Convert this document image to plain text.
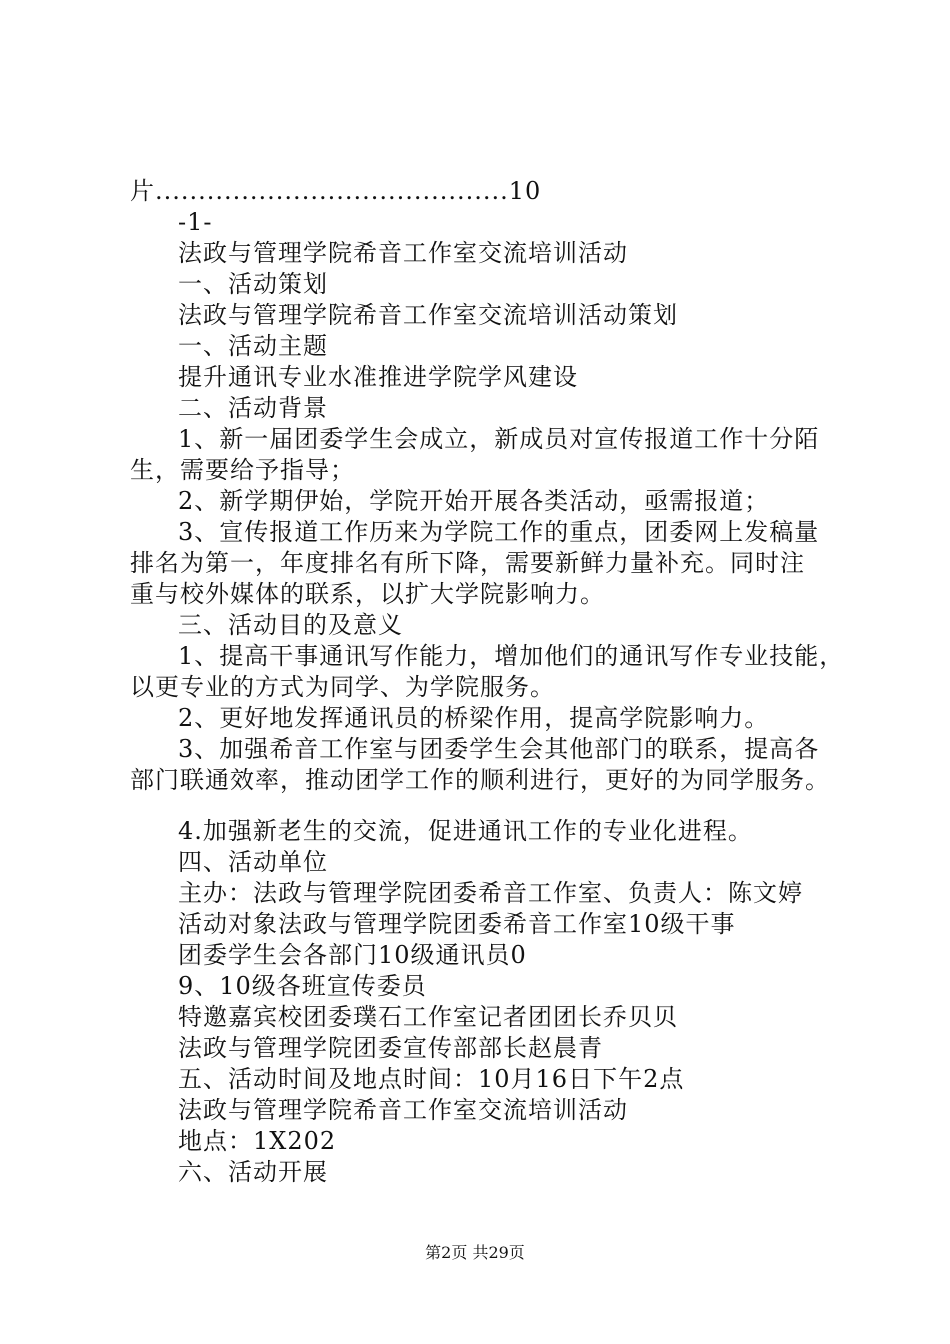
片.........................................10
-1-
法政与管理学院希音工作室交流培训活动
一、活动策划
法政与管理学院希音工作室交流培训活动策划
一、活动主题
提升通讯专业水准推进学院学风建设
二、活动背景
1、新一届团委学生会成立，新成员对宣传报道工作十分陌
生，需要给予指导；
2、新学期伊始，学院开始开展各类活动，亟需报道；
3、宣传报道工作历来为学院工作的重点，团委网上发稿量
排名为第一，年度排名有所下降，需要新鲜力量补充。同时注
重与校外媒体的联系，以扩大学院影响力。
三、活动目的及意义
1、提高干事通讯写作能力，增加他们的通讯写作专业技能，
以更专业的方式为同学、为学院服务。
2、更好地发挥通讯员的桥梁作用，提高学院影响力。
3、加强希音工作室与团委学生会其他部门的联系，提高各
部门联通效率，推动团学工作的顺利进行，更好的为同学服务。
4.加强新老生的交流，促进通讯工作的专业化进程。
四、活动单位
主办：法政与管理学院团委希音工作室、负责人：陈文婷
活动对象法政与管理学院团委希音工作室10级干事
团委学生会各部门10级通讯员0
9、10级各班宣传委员
特邀嘉宾校团委璞石工作室记者团团长乔贝贝
法政与管理学院团委宣传部部长赵晨青
五、活动时间及地点时间：10月16日下午2点
法政与管理学院希音工作室交流培训活动
地点：1X202
六、活动开展
第2页 共29页
